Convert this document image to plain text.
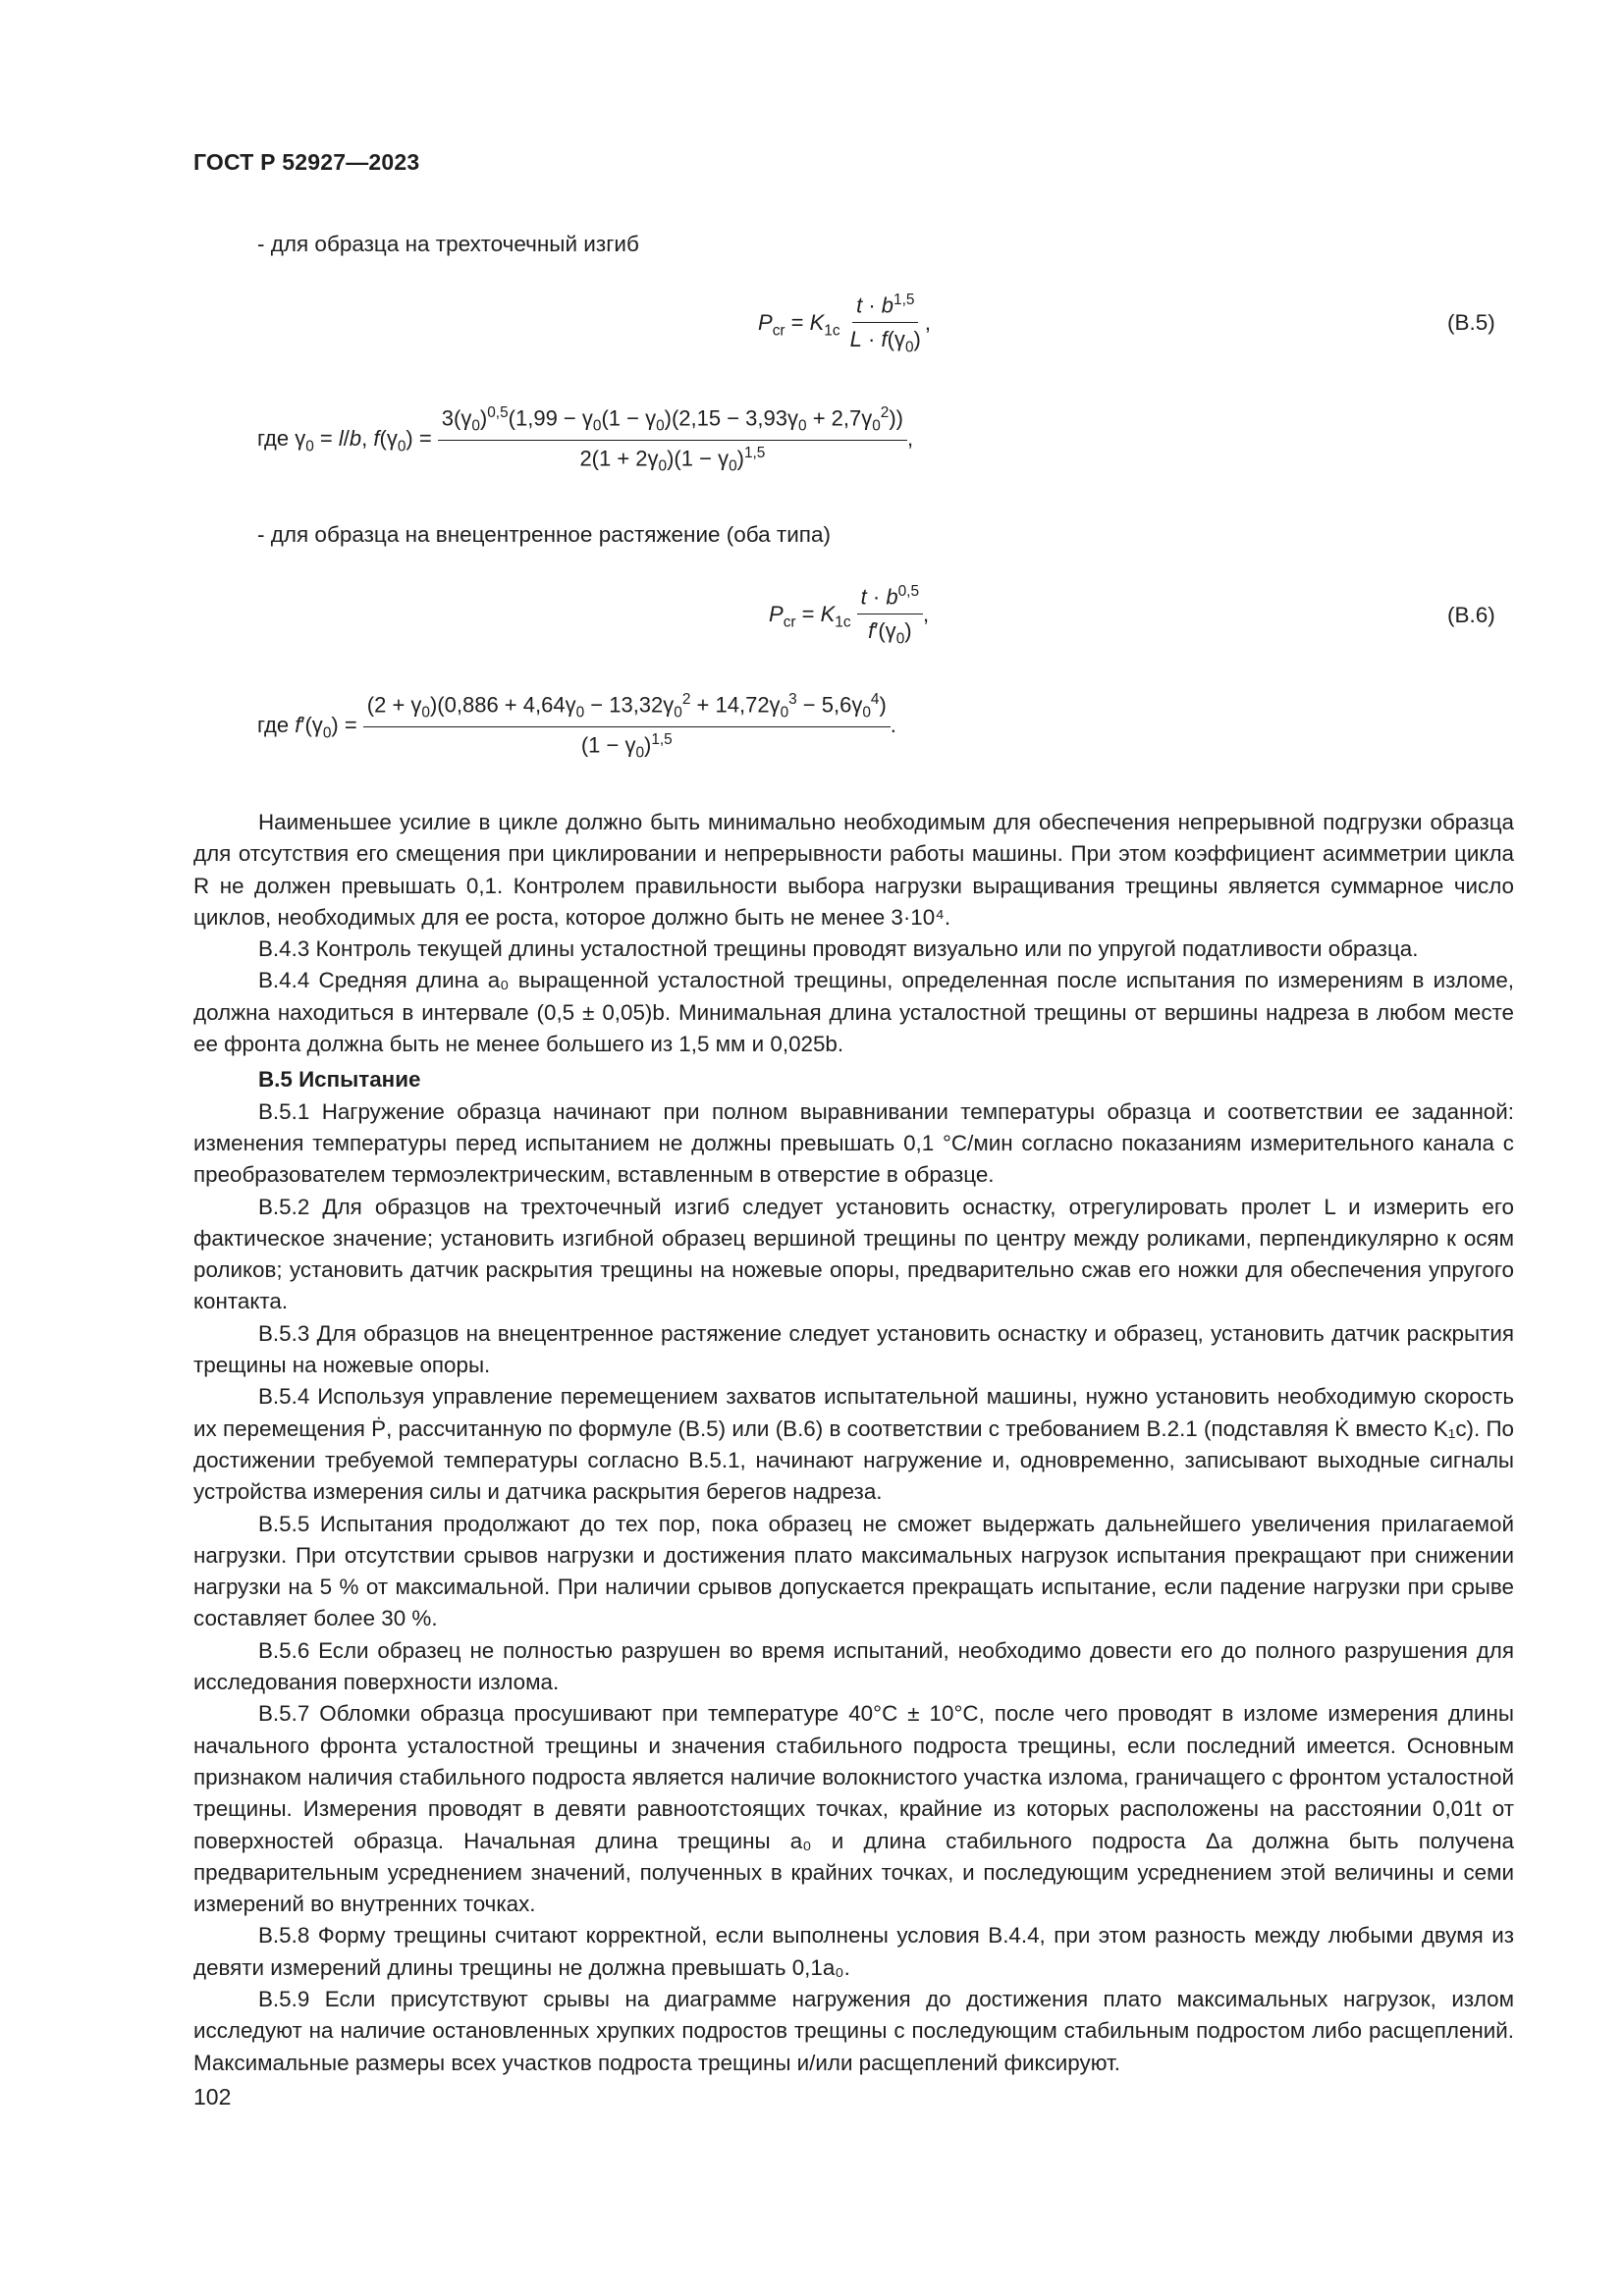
ГОСТ Р 52927—2023
- для образца на трехточечный изгиб
$P_{cr} = K_{1c} \frac{t \cdot b^{1,5}}{L \cdot f(\gamma_0)}$ ,	(В.5)
где $\gamma_0 = l/b$, $f(\gamma_0) = \frac{3(\gamma_0)^{0,5}(1,99 - \gamma_0(1 - \gamma_0)(2,15 - 3,93\gamma_0 + 2,7\gamma_0^2))}{2(1 + 2\gamma_0)(1 - \gamma_0)^{1,5}}$ ,
- для образца на внецентренное растяжение (оба типа)
$P_{cr} = K_{1c} \frac{t \cdot b^{0,5}}{f'(\gamma_0)}$ ,	(В.6)
где $f'(\gamma_0) = \frac{(2 + \gamma_0)(0,886 + 4,64\gamma_0 - 13,32\gamma_0^2 + 14,72\gamma_0^3 - 5,6\gamma_0^4)}{(1 - \gamma_0)^{1,5}}$ .

Наименьшее усилие в цикле должно быть минимально необходимым для обеспечения непрерывной подгрузки образца для отсутствия его смещения при циклировании и непрерывности работы машины. При этом коэффициент асимметрии цикла R не должен превышать 0,1. Контролем правильности выбора нагрузки выращивания трещины является суммарное число циклов, необходимых для ее роста, которое должно быть не менее 3·10⁴.

В.4.3 Контроль текущей длины усталостной трещины проводят визуально или по упругой податливости образца.

В.4.4 Средняя длина a₀ выращенной усталостной трещины, определенная после испытания по измерениям в изломе, должна находиться в интервале (0,5 ± 0,05)b. Минимальная длина усталостной трещины от вершины надреза в любом месте ее фронта должна быть не менее большего из 1,5 мм и 0,025b.

В.5 Испытание

В.5.1 Нагружение образца начинают при полном выравнивании температуры образца и соответствии ее заданной: изменения температуры перед испытанием не должны превышать 0,1 °С/мин согласно показаниям измерительного канала с преобразователем термоэлектрическим, вставленным в отверстие в образце.

В.5.2 Для образцов на трехточечный изгиб следует установить оснастку, отрегулировать пролет L и измерить его фактическое значение; установить изгибной образец вершиной трещины по центру между роликами, перпендикулярно к осям роликов; установить датчик раскрытия трещины на ножевые опоры, предварительно сжав его ножки для обеспечения упругого контакта.

В.5.3 Для образцов на внецентренное растяжение следует установить оснастку и образец, установить датчик раскрытия трещины на ножевые опоры.

В.5.4 Используя управление перемещением захватов испытательной машины, нужно установить необходимую скорость их перемещения Ṗ, рассчитанную по формуле (В.5) или (В.6) в соответствии с требованием В.2.1 (подставляя K̇ вместо K₁c). По достижении требуемой температуры согласно В.5.1, начинают нагружение и, одновременно, записывают выходные сигналы устройства измерения силы и датчика раскрытия берегов надреза.

В.5.5 Испытания продолжают до тех пор, пока образец не сможет выдержать дальнейшего увеличения прилагаемой нагрузки. При отсутствии срывов нагрузки и достижения плато максимальных нагрузок испытания прекращают при снижении нагрузки на 5 % от максимальной. При наличии срывов допускается прекращать испытание, если падение нагрузки при срыве составляет более 30 %.

В.5.6 Если образец не полностью разрушен во время испытаний, необходимо довести его до полного разрушения для исследования поверхности излома.

В.5.7 Обломки образца просушивают при температуре 40°С ± 10°С, после чего проводят в изломе измерения длины начального фронта усталостной трещины и значения стабильного подроста трещины, если последний имеется. Основным признаком наличия стабильного подроста является наличие волокнистого участка излома, граничащего с фронтом усталостной трещины. Измерения проводят в девяти равноотстоящих точках, крайние из которых расположены на расстоянии 0,01t от поверхностей образца. Начальная длина трещины a₀ и длина стабильного подроста Δa должна быть получена предварительным усреднением значений, полученных в крайних точках, и последующим усреднением этой величины и семи измерений во внутренних точках.

В.5.8 Форму трещины считают корректной, если выполнены условия В.4.4, при этом разность между любыми двумя из девяти измерений длины трещины не должна превышать 0,1a₀.

В.5.9 Если присутствуют срывы на диаграмме нагружения до достижения плато максимальных нагрузок, излом исследуют на наличие остановленных хрупких подростов трещины с последующим стабильным подростом либо расщеплений. Максимальные размеры всех участков подроста трещины и/или расщеплений фиксируют.

102
